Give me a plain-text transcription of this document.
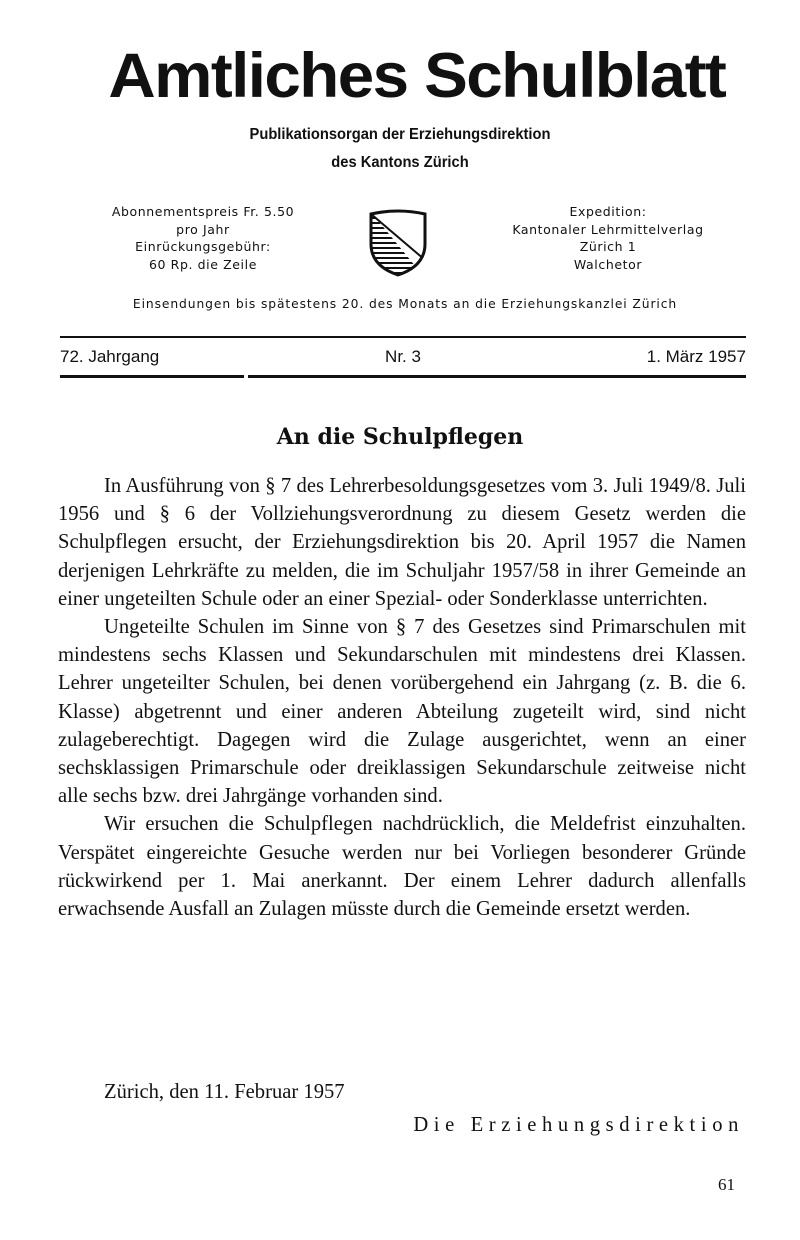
Amtliches Schulblatt
Publikationsorgan der Erziehungsdirektion
des Kantons Zürich
Abonnementspreis Fr. 5.50
pro Jahr
Einrückungsgebühr:
60 Rp. die Zeile
Expedition:
Kantonaler Lehrmittelverlag
Zürich 1
Walchetor
Einsendungen bis spätestens 20. des Monats an die Erziehungskanzlei Zürich
72. Jahrgang	Nr. 3	1. März 1957
An die Schulpflegen

In Ausführung von § 7 des Lehrerbesoldungsgesetzes vom 3. Juli 1949/8. Juli 1956 und § 6 der Vollziehungsverordnung zu diesem Gesetz werden die Schulpflegen ersucht, der Erziehungsdirektion bis 20. April 1957 die Namen derjenigen Lehrkräfte zu melden, die im Schuljahr 1957/58 in ihrer Gemeinde an einer ungeteilten Schule oder an einer Spezial- oder Sonderklasse unterrichten.

Ungeteilte Schulen im Sinne von § 7 des Gesetzes sind Primarschulen mit mindestens sechs Klassen und Sekundarschulen mit mindestens drei Klassen. Lehrer ungeteilter Schulen, bei denen vorübergehend ein Jahrgang (z. B. die 6. Klasse) abgetrennt und einer anderen Abteilung zugeteilt wird, sind nicht zulageberechtigt. Dagegen wird die Zulage ausgerichtet, wenn an einer sechsklassigen Primarschule oder dreiklassigen Sekundarschule zeitweise nicht alle sechs bzw. drei Jahrgänge vorhanden sind.

Wir ersuchen die Schulpflegen nachdrücklich, die Meldefrist einzuhalten. Verspätet eingereichte Gesuche werden nur bei Vorliegen besonderer Gründe rückwirkend per 1. Mai anerkannt. Der einem Lehrer dadurch allenfalls erwachsende Ausfall an Zulagen müsste durch die Gemeinde ersetzt werden.

Zürich, den 11. Februar 1957
Die Erziehungsdirektion
61
